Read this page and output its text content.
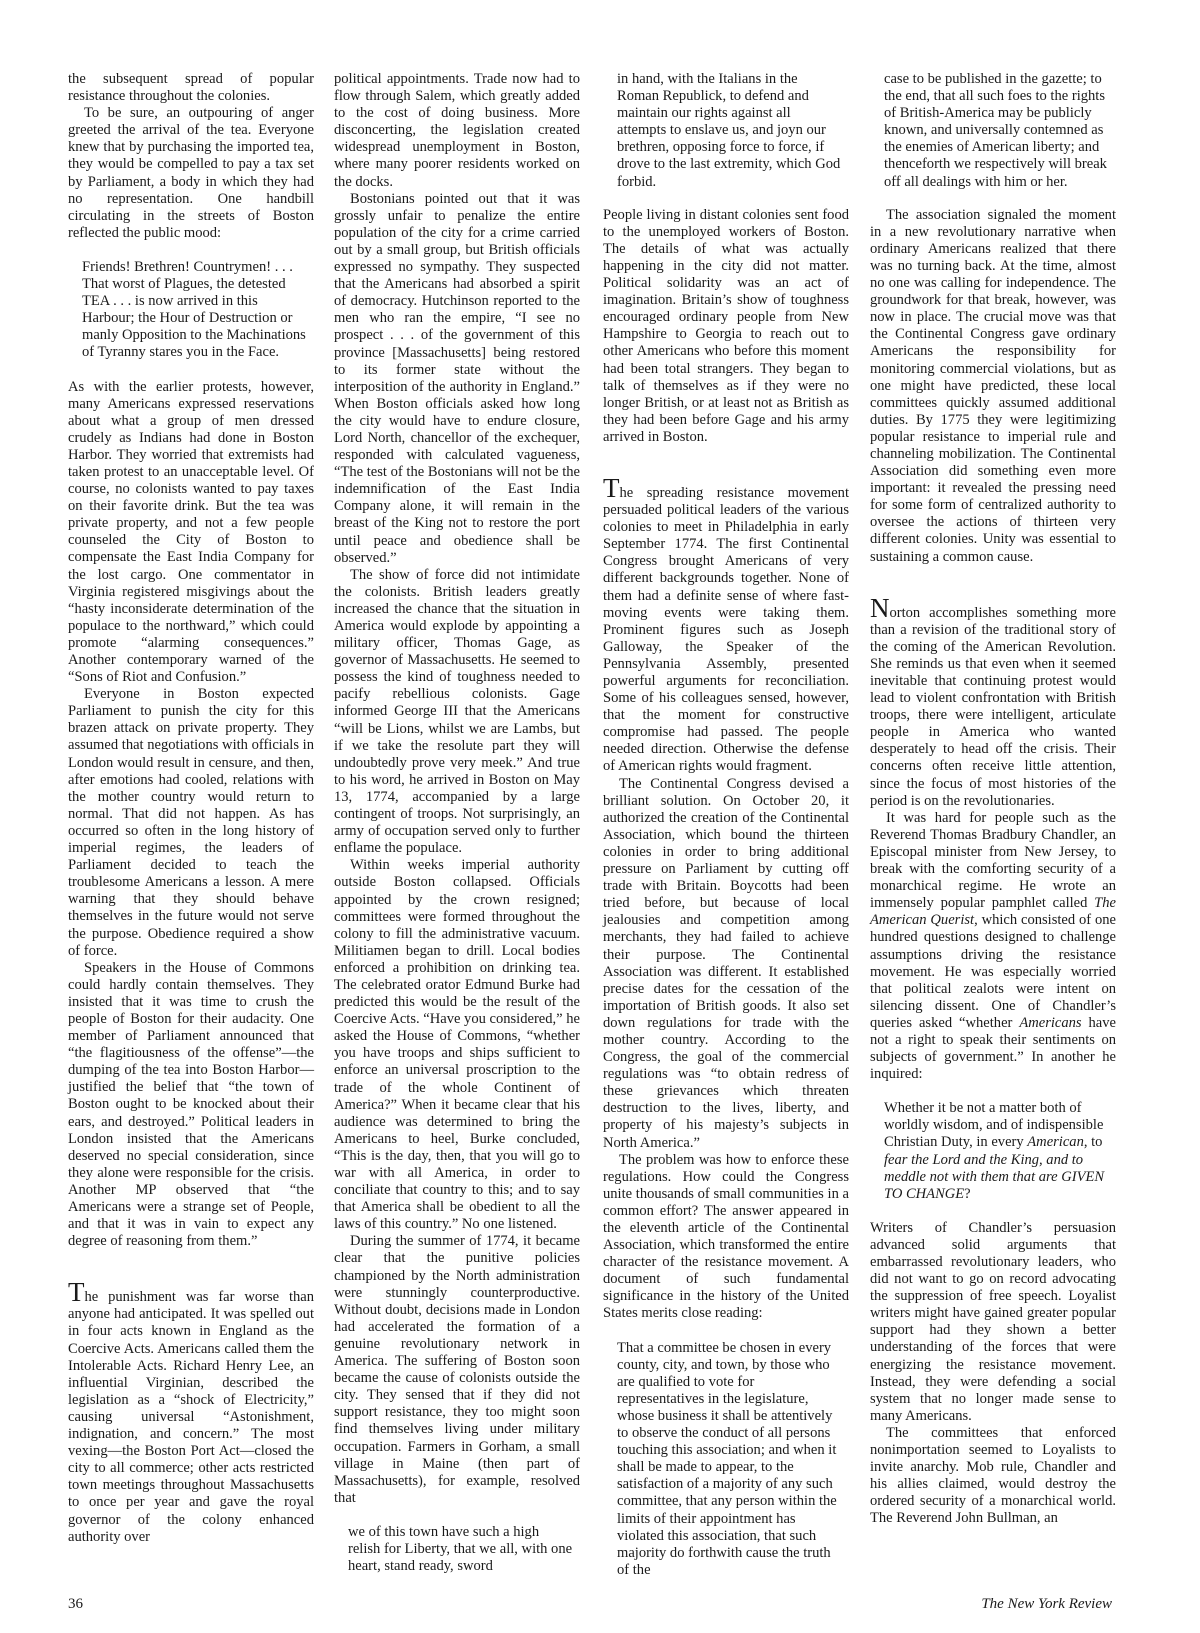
the subsequent spread of popular resistance throughout the colonies.

To be sure, an outpouring of anger greeted the arrival of the tea. Everyone knew that by purchasing the imported tea, they would be compelled to pay a tax set by Parliament, a body in which they had no representation. One handbill circulating in the streets of Boston reflected the public mood:

Friends! Brethren! Countrymen! . . . That worst of Plagues, the detested TEA . . . is now arrived in this Harbour; the Hour of Destruction or manly Opposition to the Machinations of Tyranny stares you in the Face.

As with the earlier protests, however, many Americans expressed reservations about what a group of men dressed crudely as Indians had done in Boston Harbor. They worried that extremists had taken protest to an unacceptable level. Of course, no colonists wanted to pay taxes on their favorite drink. But the tea was private property, and not a few people counseled the City of Boston to compensate the East India Company for the lost cargo. One commentator in Virginia registered misgivings about the “hasty inconsiderate determination of the populace to the northward,” which could promote “alarming consequences.” Another contemporary warned of the “Sons of Riot and Confusion.”

Everyone in Boston expected Parliament to punish the city for this brazen attack on private property. They assumed that negotiations with officials in London would result in censure, and then, after emotions had cooled, relations with the mother country would return to normal. That did not happen. As has occurred so often in the long history of imperial regimes, the leaders of Parliament decided to teach the troublesome Americans a lesson. A mere warning that they should behave themselves in the future would not serve the purpose. Obedience required a show of force.

Speakers in the House of Commons could hardly contain themselves. They insisted that it was time to crush the people of Boston for their audacity. One member of Parliament announced that “the flagitiousness of the offense”—the dumping of the tea into Boston Harbor—justified the belief that “the town of Boston ought to be knocked about their ears, and destroyed.” Political leaders in London insisted that the Americans deserved no special consideration, since they alone were responsible for the crisis. Another MP observed that “the Americans were a strange set of People, and that it was in vain to expect any degree of reasoning from them.”

The punishment was far worse than anyone had anticipated. It was spelled out in four acts known in England as the Coercive Acts. Americans called them the Intolerable Acts. Richard Henry Lee, an influential Virginian, described the legislation as a “shock of Electricity,” causing universal “Astonishment, indignation, and concern.” The most vexing—the Boston Port Act—closed the city to all commerce; other acts restricted town meetings throughout Massachusetts to once per year and gave the royal governor of the colony enhanced authority over

political appointments. Trade now had to flow through Salem, which greatly added to the cost of doing business. More disconcerting, the legislation created widespread unemployment in Boston, where many poorer residents worked on the docks.

Bostonians pointed out that it was grossly unfair to penalize the entire population of the city for a crime carried out by a small group, but British officials expressed no sympathy. They suspected that the Americans had absorbed a spirit of democracy. Hutchinson reported to the men who ran the empire, “I see no prospect . . . of the government of this province [Massachusetts] being restored to its former state without the interposition of the authority in England.” When Boston officials asked how long the city would have to endure closure, Lord North, chancellor of the exchequer, responded with calculated vagueness, “The test of the Bostonians will not be the indemnification of the East India Company alone, it will remain in the breast of the King not to restore the port until peace and obedience shall be observed.”

The show of force did not intimidate the colonists. British leaders greatly increased the chance that the situation in America would explode by appointing a military officer, Thomas Gage, as governor of Massachusetts. He seemed to possess the kind of toughness needed to pacify rebellious colonists. Gage informed George III that the Americans “will be Lions, whilst we are Lambs, but if we take the resolute part they will undoubtedly prove very meek.” And true to his word, he arrived in Boston on May 13, 1774, accompanied by a large contingent of troops. Not surprisingly, an army of occupation served only to further enflame the populace.

Within weeks imperial authority outside Boston collapsed. Officials appointed by the crown resigned; committees were formed throughout the colony to fill the administrative vacuum. Militiamen began to drill. Local bodies enforced a prohibition on drinking tea. The celebrated orator Edmund Burke had predicted this would be the result of the Coercive Acts. “Have you considered,” he asked the House of Commons, “whether you have troops and ships sufficient to enforce an universal proscription to the trade of the whole Continent of America?” When it became clear that his audience was determined to bring the Americans to heel, Burke concluded, “This is the day, then, that you will go to war with all America, in order to conciliate that country to this; and to say that America shall be obedient to all the laws of this country.” No one listened.

During the summer of 1774, it became clear that the punitive policies championed by the North administration were stunningly counterproductive. Without doubt, decisions made in London had accelerated the formation of a genuine revolutionary network in America. The suffering of Boston soon became the cause of colonists outside the city. They sensed that if they did not support resistance, they too might soon find themselves living under military occupation. Farmers in Gorham, a small village in Maine (then part of Massachusetts), for example, resolved that

we of this town have such a high relish for Liberty, that we all, with one heart, stand ready, sword

in hand, with the Italians in the Roman Republick, to defend and maintain our rights against all attempts to enslave us, and joyn our brethren, opposing force to force, if drove to the last extremity, which God forbid.

People living in distant colonies sent food to the unemployed workers of Boston. The details of what was actually happening in the city did not matter. Political solidarity was an act of imagination. Britain’s show of toughness encouraged ordinary people from New Hampshire to Georgia to reach out to other Americans who before this moment had been total strangers. They began to talk of themselves as if they were no longer British, or at least not as British as they had been before Gage and his army arrived in Boston.

The spreading resistance movement persuaded political leaders of the various colonies to meet in Philadelphia in early September 1774. The first Continental Congress brought Americans of very different backgrounds together. None of them had a definite sense of where fast-moving events were taking them. Prominent figures such as Joseph Galloway, the Speaker of the Pennsylvania Assembly, presented powerful arguments for reconciliation. Some of his colleagues sensed, however, that the moment for constructive compromise had passed. The people needed direction. Otherwise the defense of American rights would fragment.

The Continental Congress devised a brilliant solution. On October 20, it authorized the creation of the Continental Association, which bound the thirteen colonies in order to bring additional pressure on Parliament by cutting off trade with Britain. Boycotts had been tried before, but because of local jealousies and competition among merchants, they had failed to achieve their purpose. The Continental Association was different. It established precise dates for the cessation of the importation of British goods. It also set down regulations for trade with the mother country. According to the Congress, the goal of the commercial regulations was “to obtain redress of these grievances which threaten destruction to the lives, liberty, and property of his majesty’s subjects in North America.”

The problem was how to enforce these regulations. How could the Congress unite thousands of small communities in a common effort? The answer appeared in the eleventh article of the Continental Association, which transformed the entire character of the resistance movement. A document of such fundamental significance in the history of the United States merits close reading:

That a committee be chosen in every county, city, and town, by those who are qualified to vote for representatives in the legislature, whose business it shall be attentively to observe the conduct of all persons touching this association; and when it shall be made to appear, to the satisfaction of a majority of any such committee, that any person within the limits of their appointment has violated this association, that such majority do forthwith cause the truth of the

case to be published in the gazette; to the end, that all such foes to the rights of British-America may be publicly known, and universally contemned as the enemies of American liberty; and thenceforth we respectively will break off all dealings with him or her.

The association signaled the moment in a new revolutionary narrative when ordinary Americans realized that there was no turning back. At the time, almost no one was calling for independence. The groundwork for that break, however, was now in place. The crucial move was that the Continental Congress gave ordinary Americans the responsibility for monitoring commercial violations, but as one might have predicted, these local committees quickly assumed additional duties. By 1775 they were legitimizing popular resistance to imperial rule and channeling mobilization. The Continental Association did something even more important: it revealed the pressing need for some form of centralized authority to oversee the actions of thirteen very different colonies. Unity was essential to sustaining a common cause.

Norton accomplishes something more than a revision of the traditional story of the coming of the American Revolution. She reminds us that even when it seemed inevitable that continuing protest would lead to violent confrontation with British troops, there were intelligent, articulate people in America who wanted desperately to head off the crisis. Their concerns often receive little attention, since the focus of most histories of the period is on the revolutionaries.

It was hard for people such as the Reverend Thomas Bradbury Chandler, an Episcopal minister from New Jersey, to break with the comforting security of a monarchical regime. He wrote an immensely popular pamphlet called The American Querist, which consisted of one hundred questions designed to challenge assumptions driving the resistance movement. He was especially worried that political zealots were intent on silencing dissent. One of Chandler’s queries asked “whether Americans have not a right to speak their sentiments on subjects of government.” In another he inquired:

Whether it be not a matter both of worldly wisdom, and of indispensible Christian Duty, in every American, to fear the Lord and the King, and to meddle not with them that are GIVEN TO CHANGE?

Writers of Chandler’s persuasion advanced solid arguments that embarrassed revolutionary leaders, who did not want to go on record advocating the suppression of free speech. Loyalist writers might have gained greater popular support had they shown a better understanding of the forces that were energizing the resistance movement. Instead, they were defending a social system that no longer made sense to many Americans.

The committees that enforced nonimportation seemed to Loyalists to invite anarchy. Mob rule, Chandler and his allies claimed, would destroy the ordered security of a monarchical world. The Reverend John Bullman, an

36	The New York Review
